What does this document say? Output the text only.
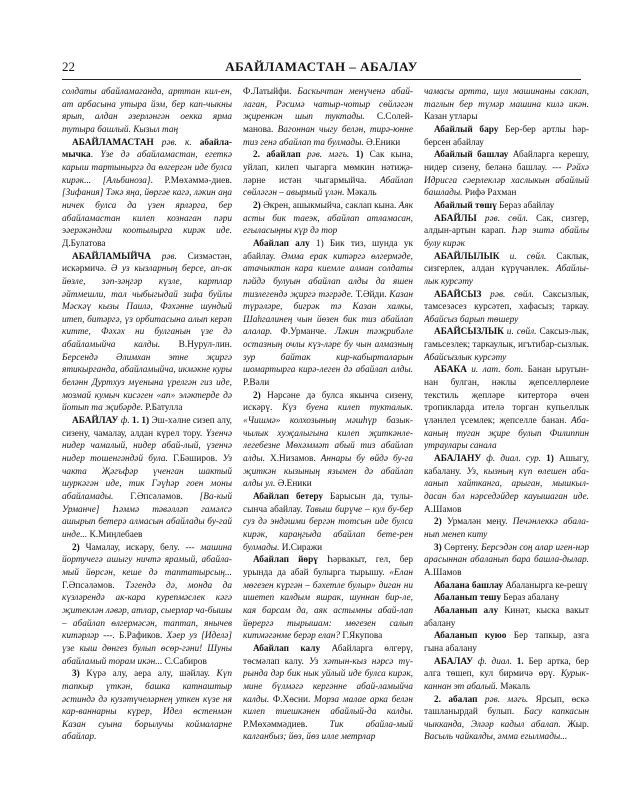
22	АБАЙЛАМАСТАН – АБАЛАУ

солдаты абайламаганда, арттан кил-ен, ат арбасына утыра йэм, бер кап-чыкны ярып, алдан әзерләнгән оекка ярма тутыра башлый. Кызыл таң

АБАЙЛАМАСТАН рәв. к. абайла-мычка. Үзе дә абайламастан, егеткә карыш тартыныргә да өлгергән иде булса кирәк... [Альбиноза]. Р.Мөхәммә-диев. [Зифания] Тәкә яңа, йөргәе кагә, ләкин аңа ничек булса да үзен ярләрга, бер абайламастан килеп кознаган пәри эәерәкәндәш коотылырга кирәк иде. Д.Булатова

АБАЙЛАМЫЙЧА рәв. Сизмәстән, искәрмичә. Ә уз кызларның берсе, ап-ак йөзле, зәп-зәңгәр күзле, картлар әйтмешли, тал чыбыгыдай зифа буйлы Мәскәү кызы Паилә, Фәхәнне шундый итеп, битәргә, үз орбитасына алып керәп китте, Фәхәх ни булганын үзе дә абайламыйча калды. В.Нурул-лин. Берсендә Әлимхан этне җиргә ятикырганда, абайламыйча, икмәкне куры беләнн Дуртхуз мүенына үрелгән гиз иде, мозмай кумыч кисәген «ап» эләктерде дә йотып та җибәрде. Р.Батулла

АБАЙЛАУ ф. 1. 1) Эш-хәлне сизеп алу, сизену, чамалау, алдан күрел тору. Үзенчә нидер чамалый, нидер абай-лый, үзенчә нидер тошенгәндәй була. Г.Бәширов. Уз чакта Җәгъфәр үченган шактый шуркәгән иде, тик Гәүһәр гоен моны абайламады. Г.Әпсәләмов. [Ва-кый Урманче] Һәммә тәвәлләп гамәлсә ашырып бетерә алмасын абайлады бу-гай инде... К.Миңлебаев

2) Чамалау, искәру, белу. --- машина йортучегә ашыгу ничтә ярамый, абайла-мый йөрсән, кеше дә таптатырсың... Г.Әпсәләмов. Тәгендә дә, монда да күзләрендә ак-кара курепмәслек кәгә җитеклән ләвәр, атлар, сыерлар ча-бышы – абайлап өлгермәсән, таптап, янычев китәрләр ---. Б.Рафиков. Хәер уз [Иделә] үзе кыш дөнгез булып өсөр-гәни! Шуны абайламый торам икән... С.Сабиров

3) Күрә алу, аера алу, шәйлау. Күп тапкыр үткән, башка катнаштыр әстиндә дә кузәтүчеләрнең уткен күзе ня кар-ваннарны күрер, Идел өстенмән Казан суына борылучы коймаларне абайлар.

Ф.Латыйфи. Баскычтан менүченә абай-лаган, Рәсимә чатыр-чотыр сөйләгән җиренкән шып туктады. С.Солей-манова. Вагоннан чыгу белән, тирә-юнне тиз генә абайлап та булмады. Ә.Еники

2. абайлап рәв. мәгъ. 1) Сак кына, уйлап, килеп чыгарга мөмкин нәтиҗә-ләрне истән чыгармыйча. Абайлап сөйләгән – авырмый үлән. Мәкаль

2) Әкрен, ашыкмыйча, саклап кына. Аяк асты бик таеэк, абайлап атламасан, егыласыңны күр дә тор

Абайлап алу 1) Бик тиз, шунда ук абайлау. Әмма ерак китәргә өлгермәде, атачыктан кара киемле алман солдаты пәйдә булуын абайлап алды да яшен тизлегендә җиргә тәгрәде. Т.Әйди. Казан түрәләре, бигрәк тә Казан халкы, Шаһгалинең чын йөзен бик тиз абайлап алалар. Ф.Урманче. Ләкин тәҗрибәле остазның очлы күз-ләре бу чын алмазның зур байтак кир-кабырталарын шомартырга кирә-леген дә абайлап алды. Р.Вәли

2) Нәрсәне дә булса якынча сизену, искәрү. Күз буена килеп тукталык. «Чишмә» колхозының мәшһүр базык-чылык хуҗалыгына килеп җиткәнле-легебезне Мөхәммәт абый тиз абайлап алды. Х.Низамов. Аннары бу өйдә бу-га җиткән кызының язымен дә абайлап алды ул. Ә.Еники

Абайлап бетеру Барысын да, тулы-сынча абайлау. Тавыш бирүче – кул бу-бер суз дә эндәшми бергән тотсын иде булса кирәк, караңгыда абайлап бете-рен булмады. И.Сиражи

Абайлап йөрү Һәрвакыт, гел, бер урында да абай булырга тырышу. «Елан мөгезен күргән – бәхетле булыр» диган ни ишетеп калдым яшрак, шуннан бир-ле, кая барсам да, аяк астымны абай-лап йөрергә тырышам: мөгезен салып китмәгәнме берәр елан? Г.Якупова

Абайлап калу Абайларга өлгерү, төсмәлап калу. Уз хәтын-кыз нәрсә тү-рында дәр бик нык уйлый иде булса кирәк, мине бүлмәгә кергәнне абай-ламыйча калды. Ф.Хөсни. Морза малае арка белән килеп тиешкәнен абайлый-да калды. Р.Мөхәммәдиев. Тик абайла-мый калганбыз; йөз, йөз илле метрлар

чамасы артта, шул машинаны саклап, таглын бер түмәр машина килә икән. Казан утлары

Абайлый бару Бер-бер артлы һәр-берсен абайлау

Абайлый башлау Абайларга керешу, нидер сизену, беләнә башлау. --- Рәйхә Идрисга сәерлекләр хаслыкын абайлый башлады. Рифә Рахман

Абайлый төшү Бераз абайлау

АБАЙЛЫ рәв. сөйл. Сак, сизгер, алдын-артын карап. Һәр эштә абайлы булу кирәк

АБАЙЛЫЛЫК и. сөйл. Саклык, сизгерлек, алдан күрүчәнлек. Абайлы-лык курсәту

АБАЙСЫЗ рәв. сөйл. Саксызлык, тамсезәсез курсәтеп, хафасыз; таркау. Абайсыз барып төшеру

АБАЙСЫЗЛЫК и. сөйл. Саксыз-лык, гамьсезлек; таркаулык, игътибар-сызлык. Абайсызлык курсәту

АБАКА и. лат. бот. Банан ыругын-нан булган, нәклы җепселлөрлеие текстиль җепләре китерторә өчен тропикларда ителә торган купьеллык үләнлел үсемлек; җепселле банан. Аба-каның туган җире булып Филиппин утраулары санала

АБАЛАНУ ф. диал. сур. 1) Ашыгу, кабалану. Уз, кызның күп өлешен аба-ланып хайтканга, арыган, мышкыл-дасан бәл нәрседәйдер кауышаган иде. А.Шамов

2) Урмалән меңу. Печәнлеккә абала-нып менеп киту

3) Сөртену. Берсэдән соң алар иген-нәр арасыннан абаланып бара башла-дылар. А.Шамов

Абалана башлау Абаланырга ке-решү

Абаланып тешу Бераз абалану

Абаланып алу Кинәт, кыска вакыт абалану

Абаланып куюо Бер тапкыр, азга гына абалану

АБАЛАУ ф. диал. 1. Бер артка, бер алга төшеп, кул бирмичә өрү. Курык-каннан эт абалый. Мәкаль

2. абалап рәв. мәгъ. Ярсып, өскә ташланырдай булып. Басу капкасын чыкканда, Эләәр кадыл абалап. Жыр. Васыль чайкалды, әмма егылмады...
